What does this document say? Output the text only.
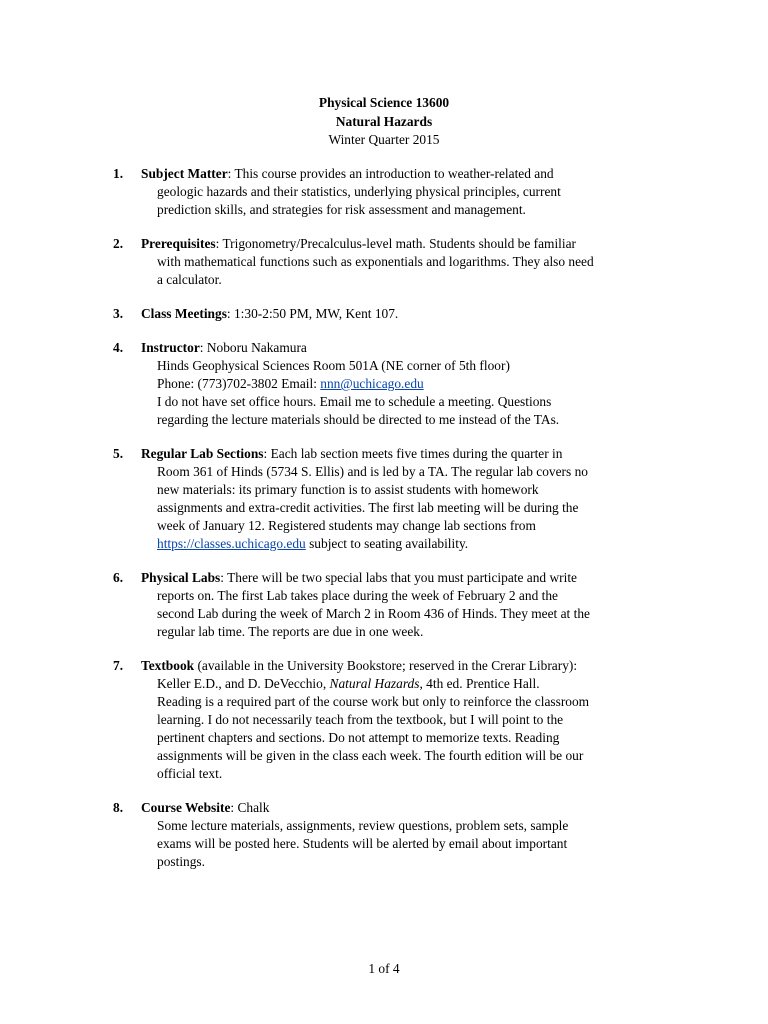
Physical Science 13600
Natural Hazards
Winter Quarter 2015
1. Subject Matter: This course provides an introduction to weather-related and
geologic hazards and their statistics, underlying physical principles, current
prediction skills, and strategies for risk assessment and management.
2. Prerequisites: Trigonometry/Precalculus-level math. Students should be familiar
with mathematical functions such as exponentials and logarithms. They also need
a calculator.
3. Class Meetings: 1:30-2:50 PM, MW, Kent 107.
4. Instructor: Noboru Nakamura
Hinds Geophysical Sciences Room 501A (NE corner of 5th floor)
Phone: (773)702-3802 Email: nnn@uchicago.edu
I do not have set office hours. Email me to schedule a meeting. Questions
regarding the lecture materials should be directed to me instead of the TAs.
5. Regular Lab Sections: Each lab section meets five times during the quarter in
Room 361 of Hinds (5734 S. Ellis) and is led by a TA. The regular lab covers no
new materials: its primary function is to assist students with homework
assignments and extra-credit activities. The first lab meeting will be during the
week of January 12. Registered students may change lab sections from
https://classes.uchicago.edu subject to seating availability.
6. Physical Labs: There will be two special labs that you must participate and write
reports on. The first Lab takes place during the week of February 2 and the
second Lab during the week of March 2 in Room 436 of Hinds. They meet at the
regular lab time. The reports are due in one week.
7. Textbook (available in the University Bookstore; reserved in the Crerar Library):
Keller E.D., and D. DeVecchio, Natural Hazards, 4th ed. Prentice Hall.
Reading is a required part of the course work but only to reinforce the classroom
learning. I do not necessarily teach from the textbook, but I will point to the
pertinent chapters and sections. Do not attempt to memorize texts. Reading
assignments will be given in the class each week. The fourth edition will be our
official text.
8. Course Website: Chalk
Some lecture materials, assignments, review questions, problem sets, sample
exams will be posted here. Students will be alerted by email about important
postings.
1 of 4
